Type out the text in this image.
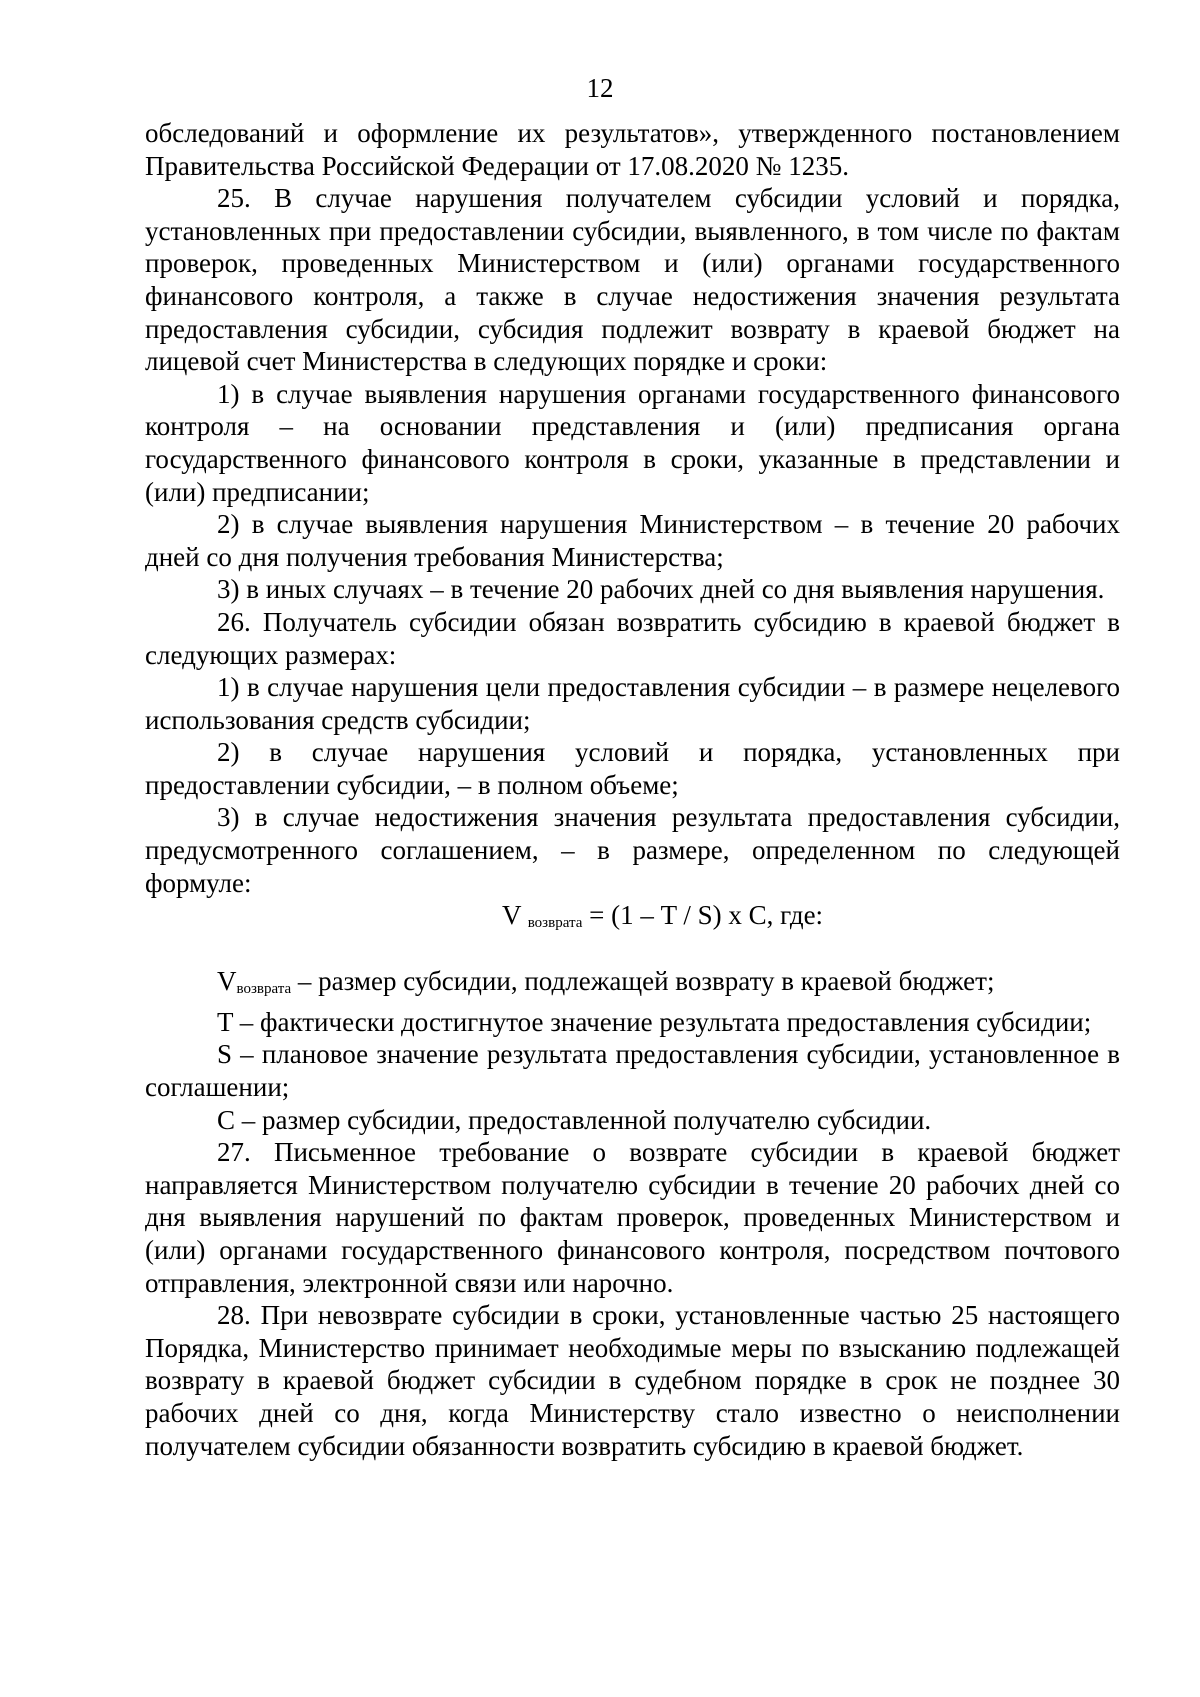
12

обследований и оформление их результатов», утвержденного постановлением Правительства Российской Федерации от 17.08.2020 № 1235.

25. В случае нарушения получателем субсидии условий и порядка, установленных при предоставлении субсидии, выявленного, в том числе по фактам проверок, проведенных Министерством и (или) органами государственного финансового контроля, а также в случае недостижения значения результата предоставления субсидии, субсидия подлежит возврату в краевой бюджет на лицевой счет Министерства в следующих порядке и сроки:

1) в случае выявления нарушения органами государственного финансового контроля – на основании представления и (или) предписания органа государственного финансового контроля в сроки, указанные в представлении и (или) предписании;

2) в случае выявления нарушения Министерством – в течение 20 рабочих дней со дня получения требования Министерства;

3) в иных случаях – в течение 20 рабочих дней со дня выявления нарушения.

26. Получатель субсидии обязан возвратить субсидию в краевой бюджет в следующих размерах:

1) в случае нарушения цели предоставления субсидии – в размере нецелевого использования средств субсидии;

2) в случае нарушения условий и порядка, установленных при предоставлении субсидии, – в полном объеме;

3) в случае недостижения значения результата предоставления субсидии, предусмотренного соглашением, – в размере, определенном по следующей формуле:

V $_{возврата}$ = (1 – T / S) x C, где:

$V_{возврата}$ – размер субсидии, подлежащей возврату в краевой бюджет;

T – фактически достигнутое значение результата предоставления субсидии;

S – плановое значение результата предоставления субсидии, установленное в соглашении;

C – размер субсидии, предоставленной получателю субсидии.

27. Письменное требование о возврате субсидии в краевой бюджет направляется Министерством получателю субсидии в течение 20 рабочих дней со дня выявления нарушений по фактам проверок, проведенных Министерством и (или) органами государственного финансового контроля, посредством почтового отправления, электронной связи или нарочно.

28. При невозврате субсидии в сроки, установленные частью 25 настоящего Порядка, Министерство принимает необходимые меры по взысканию подлежащей возврату в краевой бюджет субсидии в судебном порядке в срок не позднее 30 рабочих дней со дня, когда Министерству стало известно о неисполнении получателем субсидии обязанности возвратить субсидию в краевой бюджет.
